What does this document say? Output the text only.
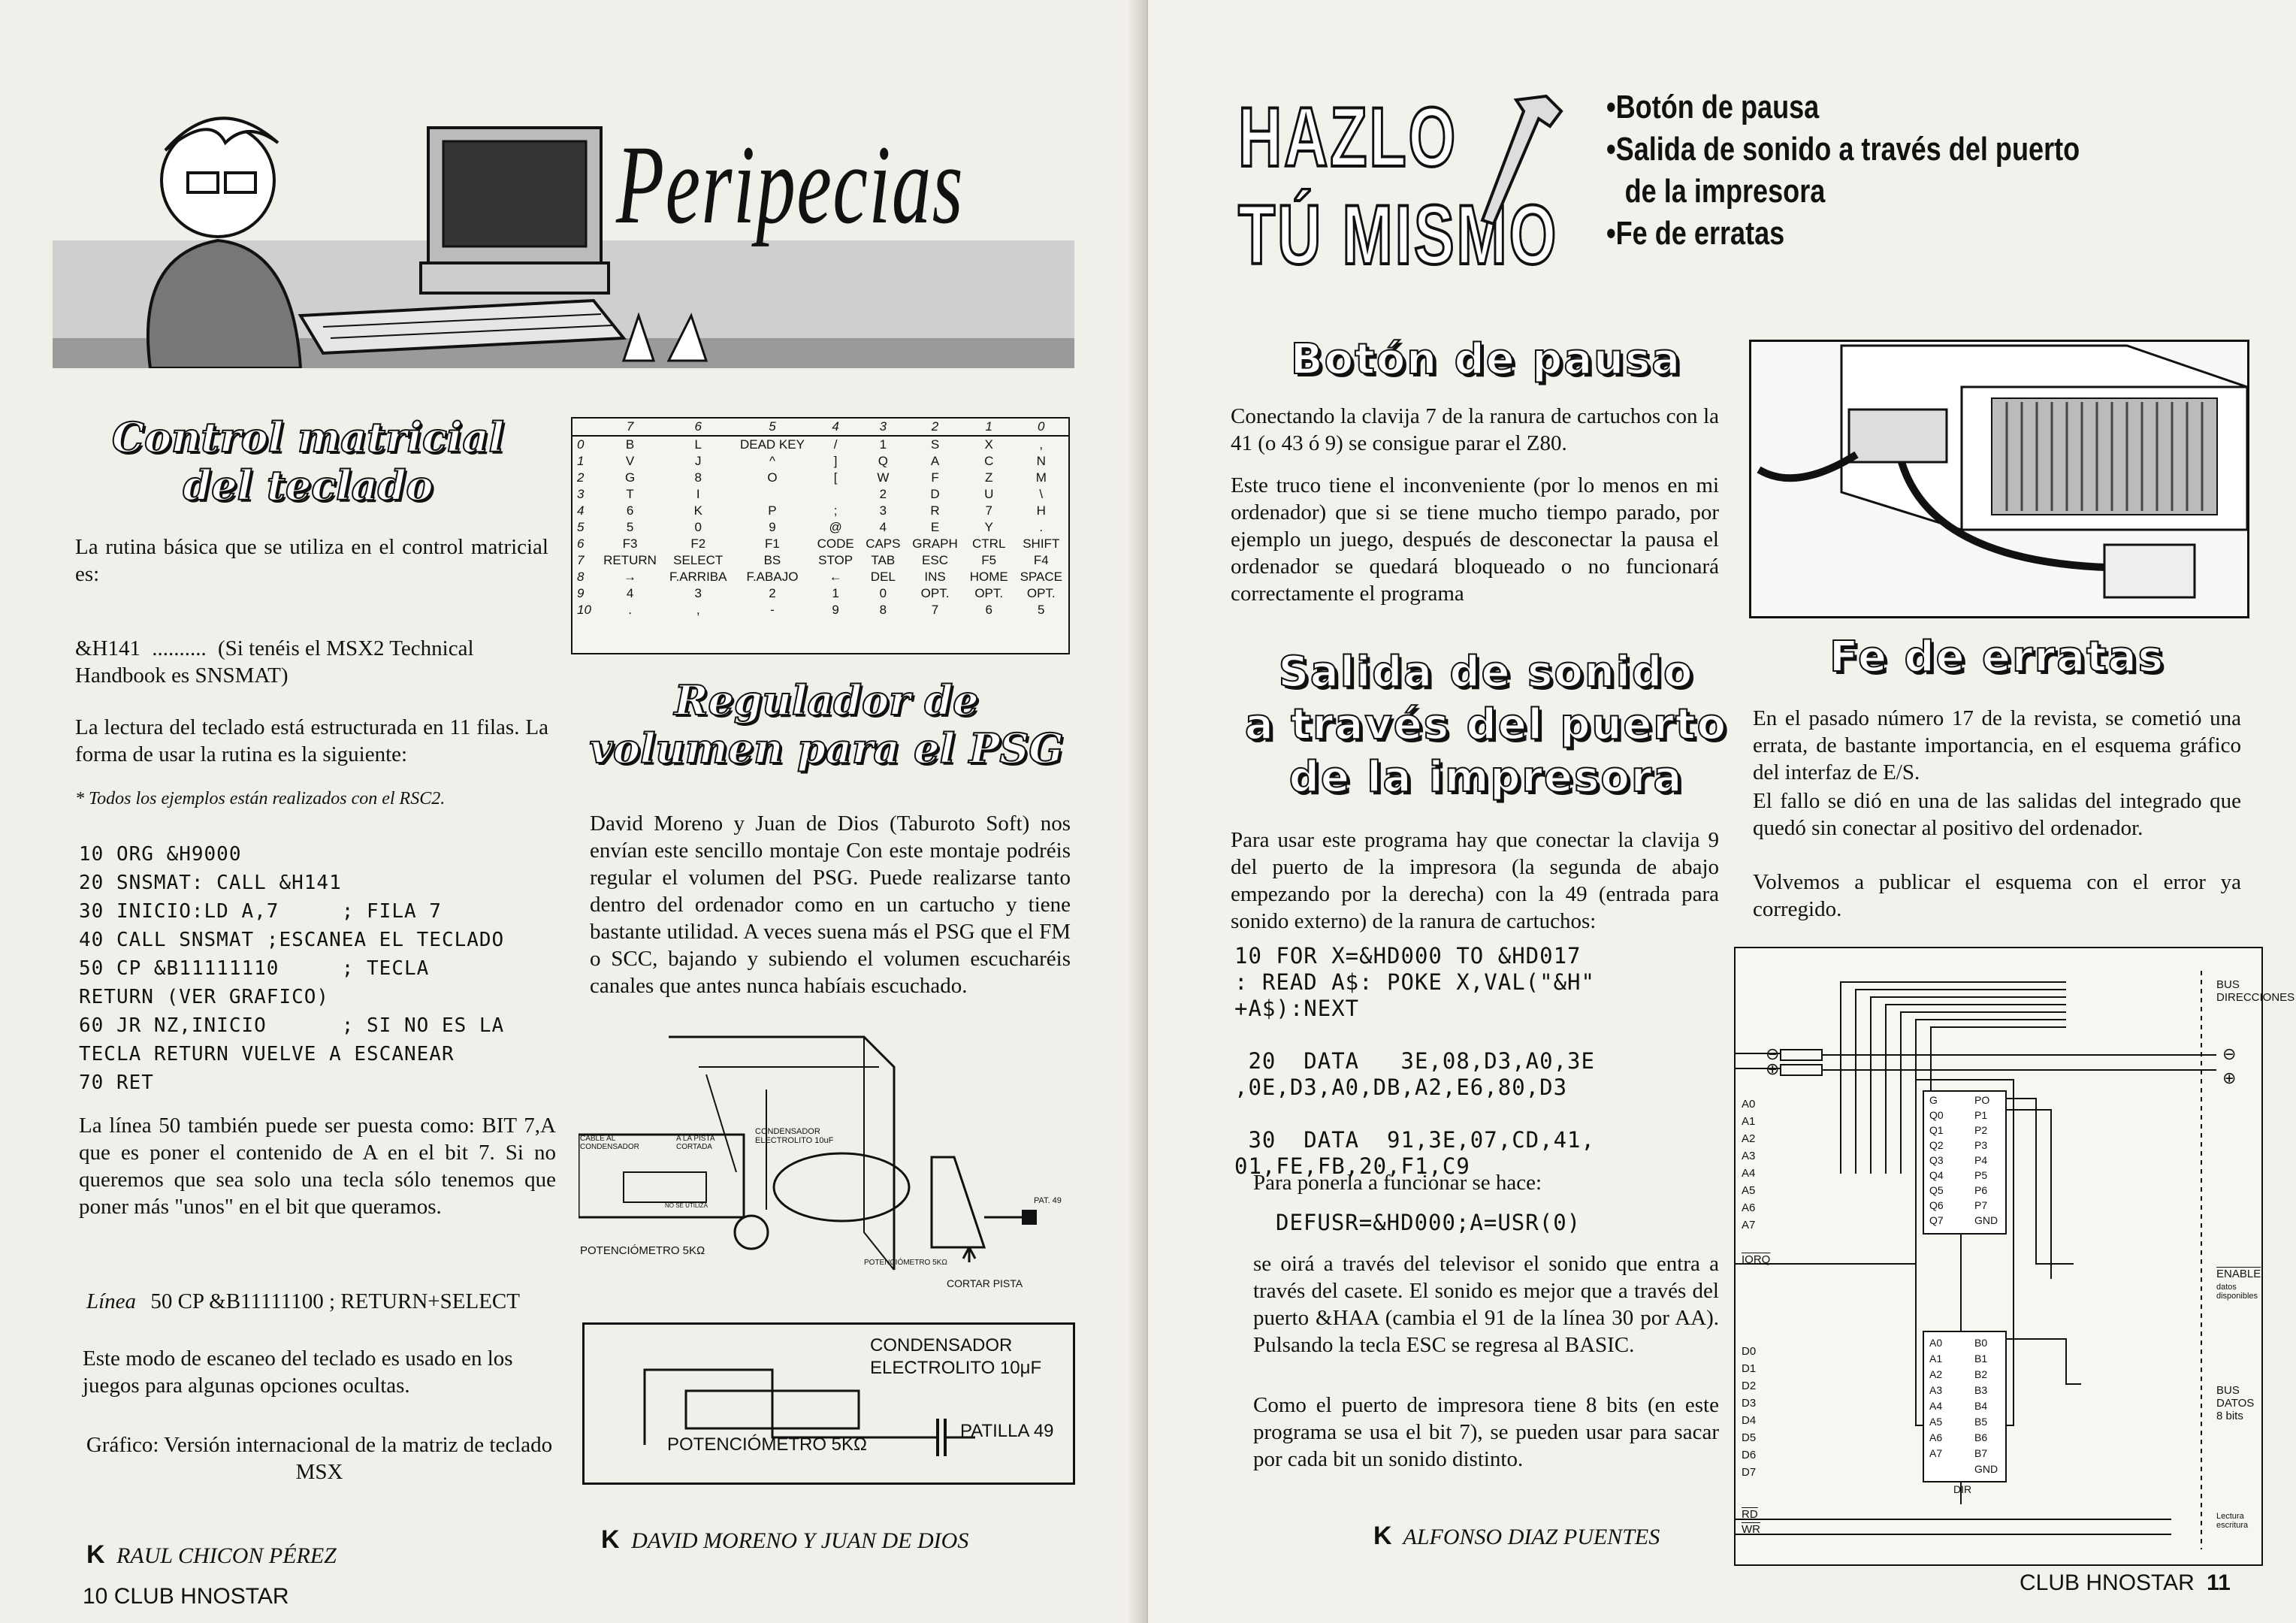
Peripecias
Control matricial
del teclado

La rutina básica que se utiliza en el control matricial es:

&H141 .......... (Si tenéis el MSX2 Technical Handbook es SNSMAT)

La lectura del teclado está estructurada en 11 filas. La forma de usar la rutina es la siguiente:

* Todos los ejemplos están realizados con el RSC2.

10 ORG &H9000
20 SNSMAT: CALL &H141
30 INICIO:LD A,7     ; FILA 7
40 CALL SNSMAT ;ESCANEA EL TECLADO
50 CP &B11111110     ; TECLA
RETURN (VER GRAFICO)
60 JR NZ,INICIO      ; SI NO ES LA
TECLA RETURN VUELVE A ESCANEAR
70 RET

La línea 50 también puede ser puesta como: BIT 7,A que es poner el contenido de A en el bit 7. Si no queremos que sea solo una tecla sólo tenemos que poner más "unos" en el bit que queramos.

Línea 50 CP &B11111100 ; RETURN+SELECT

Este modo de escaneo del teclado es usado en los juegos para algunas opciones ocultas.

Gráfico: Versión internacional de la matriz de teclado MSX

K RAUL CHICON PÉREZ
10 CLUB HNOSTAR
	7	6	5	4	3	2	1	0
0	B	L	DEAD KEY	/	1	S	X	,
1	V	J	^	]	Q	A	C	N
2	G	8	O	[	W	F	Z	M
3	T	I			2	D	U	\
4	6	K	P	;	3	R	7	H
5	5	0	9	@	4	E	Y	.
6	F3	F2	F1	CODE	CAPS	GRAPH	CTRL	SHIFT
7	RETURN	SELECT	BS	STOP	TAB	ESC	F5	F4
8	→	F.ARRIBA	F.ABAJO	←	DEL	INS	HOME	SPACE
9	4	3	2	1	0	OPT.	OPT.	OPT.
10	.	,	-	9	8	7	6	5
Regulador de
volumen para el PSG

David Moreno y Juan de Dios (Taburoto Soft) nos envían este sencillo montaje Con este montaje podréis regular el volumen del PSG. Puede realizarse tanto dentro del ordenador como en un cartucho y tiene bastante utilidad. A veces suena más el PSG que el FM o SCC, bajando y subiendo el volumen escucharéis canales que antes nunca habíais escuchado.

CABLE AL CONDENSADOR
A LA PISTA CORTADA
NO SE UTILIZA
CONDENSADOR ELECTROLITO 10uF
POTENCIÓMETRO 5KΩ
POTENCIÓMETRO 5KΩ
PAT. 49
CORTAR PISTA
CONDENSADOR
ELECTROLITO 10μF
PATILLA 49
POTENCIÓMETRO 5KΩ
K DAVID MORENO Y JUAN DE DIOS
HAZLO
TÚ MISMO
•Botón de pausa
•Salida de sonido a través del puerto
de la impresora
•Fe de erratas
Botón de pausa

Conectando la clavija 7 de la ranura de cartuchos con la 41 (o 43 ó 9) se consigue parar el Z80.

Este truco tiene el inconveniente (por lo menos en mi ordenador) que si se tiene mucho tiempo parado, por ejemplo un juego, después de desconectar la pausa el ordenador se quedará bloqueado o no funcionará correctamente el programa

Salida de sonido
a través del puerto
de la impresora

Para usar este programa hay que conectar la clavija 9 del puerto de la impresora (la segunda de abajo empezando por la derecha) con la 49 (entrada para sonido externo) de la ranura de cartuchos:

10 FOR X=&HD000 TO &HD017
: READ A$: POKE X,VAL("&H"
+A$):NEXT

20  DATA   3E,08,D3,A0,3E
,0E,D3,A0,DB,A2,E6,80,D3

30  DATA  91,3E,07,CD,41,
01,FE,FB,20,F1,C9

Para ponerla a funcionar se hace:

DEFUSR=&HD000;A=USR(0)

se oirá a través del televisor el sonido que entra a través del casete. El sonido es mejor que a través del puerto &HAA (cambia el 91 de la línea 30 por AA). Pulsando la tecla ESC se regresa al BASIC.

Como el puerto de impresora tiene 8 bits (en este programa se usa el bit 7), se pueden usar para sacar por cada bit un sonido distinto.

K ALFONSO DIAZ PUENTES
Fe de erratas

En el pasado número 17 de la revista, se cometió una errata, de bastante importancia, en el esquema gráfico del interfaz de E/S.

El fallo se dió en una de las salidas del integrado que quedó sin conectar al positivo del ordenador.

Volvemos a publicar el esquema con el error ya corregido.

BUS DIRECCIONES
⊖	⊖
⊕	⊕
A0
A1
A2
A3
A4
A5
A6
A7
G
Q0
Q1
Q2
Q3
Q4
Q5
Q6
Q7
PO
P1
P2
P3
P4
P5
P6
P7
GND
IORQ
ENABLE
datos disponibles
D0
D1
D2
D3
D4
D5
D6
D7
A0
A1
A2
A3
A4
A5
A6
A7
B0
B1
B2
B3
B4
B5
B6
B7
GND
BUS DATOS 8 bits
DIR
$\overline{RD}$
$\overline{WR}$
Lectura escritura
CLUB HNOSTAR 11
